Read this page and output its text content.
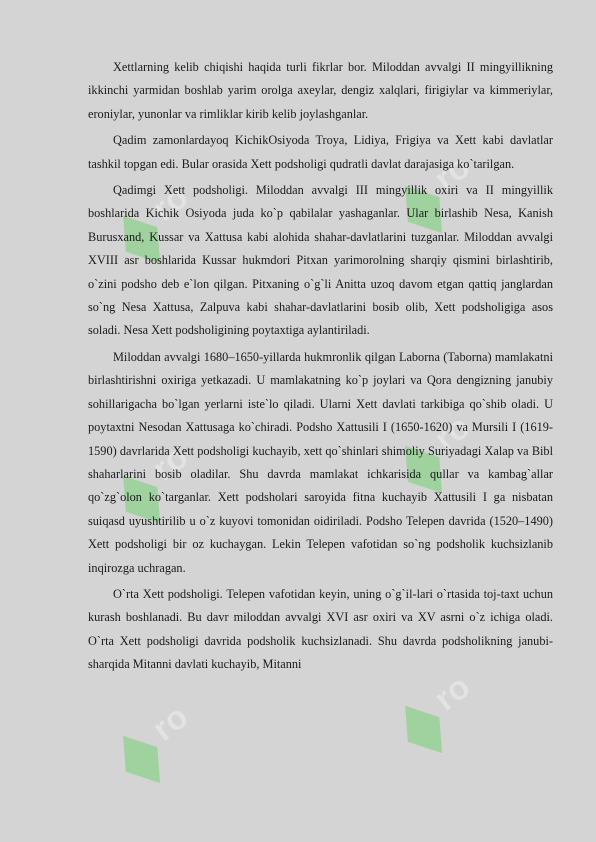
ro
ro
ro
ro
ro
ro

Xettlarning kelib chiqishi haqida turli fikrlar bor. Miloddan avvalgi II mingyillikning ikkinchi yarmidan boshlab yarim orolga axeylar, dengiz xalqlari, firigiylar va kimmeriylar, eroniylar, yunonlar va rimliklar kirib kelib joylashganlar.

Qadim zamonlardayoq KichikOsiyoda Troya, Lidiya, Frigiya va Xett kabi davlatlar tashkil topgan edi. Bular orasida Xett podsholigi qudratli davlat darajasiga ko`tarilgan.

Qadimgi Xett podsholigi. Miloddan avvalgi III mingyillik oxiri va II mingyillik boshlarida Kichik Osiyoda juda ko`p qabilalar yashaganlar. Ular birlashib Nesa, Kanish Burusxand, Kussar va Xattusa kabi alohida shahar-davlatlarini tuzganlar. Miloddan avvalgi XVIII asr boshlarida Kussar hukmdori Pitxan yarimorolning sharqiy qismini birlashtirib, o`zini podsho deb e`lon qilgan. Pitxaning o`g`li Anitta uzoq davom etgan qattiq janglardan so`ng Nesa Xattusa, Zalpuva kabi shahar-davlatlarini bosib olib, Xett podsholigiga asos soladi. Nesa Xett podsholigining poytaxtiga aylantiriladi.

Miloddan avvalgi 1680–1650-yillarda hukmronlik qilgan Laborna (Taborna) mamlakatni birlashtirishni oxiriga yetkazadi. U mamlakatning ko`p joylari va Qora dengizning janubiy sohillarigacha bo`lgan yerlarni iste`lo qiladi. Ularni Xett davlati tarkibiga qo`shib oladi. U poytaxtni Nesodan Xattusaga ko`chiradi. Podsho Xattusili I (1650-1620) va Mursili I (1619-1590) davrlarida Xett podsholigi kuchayib, xett qo`shinlari shimoliy Suriyadagi Xalap va Bibl shaharlarini bosib oladilar. Shu davrda mamlakat ichkarisida qullar va kambag`allar qo`zg`olon ko`targanlar. Xett podsholari saroyida fitna kuchayib Xattusili I ga nisbatan suiqasd uyushtirilib u o`z kuyovi tomonidan oidiriladi. Podsho Telepen davrida (1520–1490) Xett podsholigi bir oz kuchaygan. Lekin Telepen vafotidan so`ng podsholik kuchsizlanib inqirozga uchragan.

O`rta Xett podsholigi. Telepen vafotidan keyin, uning o`g`il-lari o`rtasida toj-taxt uchun kurash boshlanadi. Bu davr miloddan avvalgi XVI asr oxiri va XV asrni o`z ichiga oladi. O`rta Xett podsholigi davrida podsholik kuchsizlanadi. Shu davrda podsholikning janubi-sharqida Mitanni davlati kuchayib, Mitanni
